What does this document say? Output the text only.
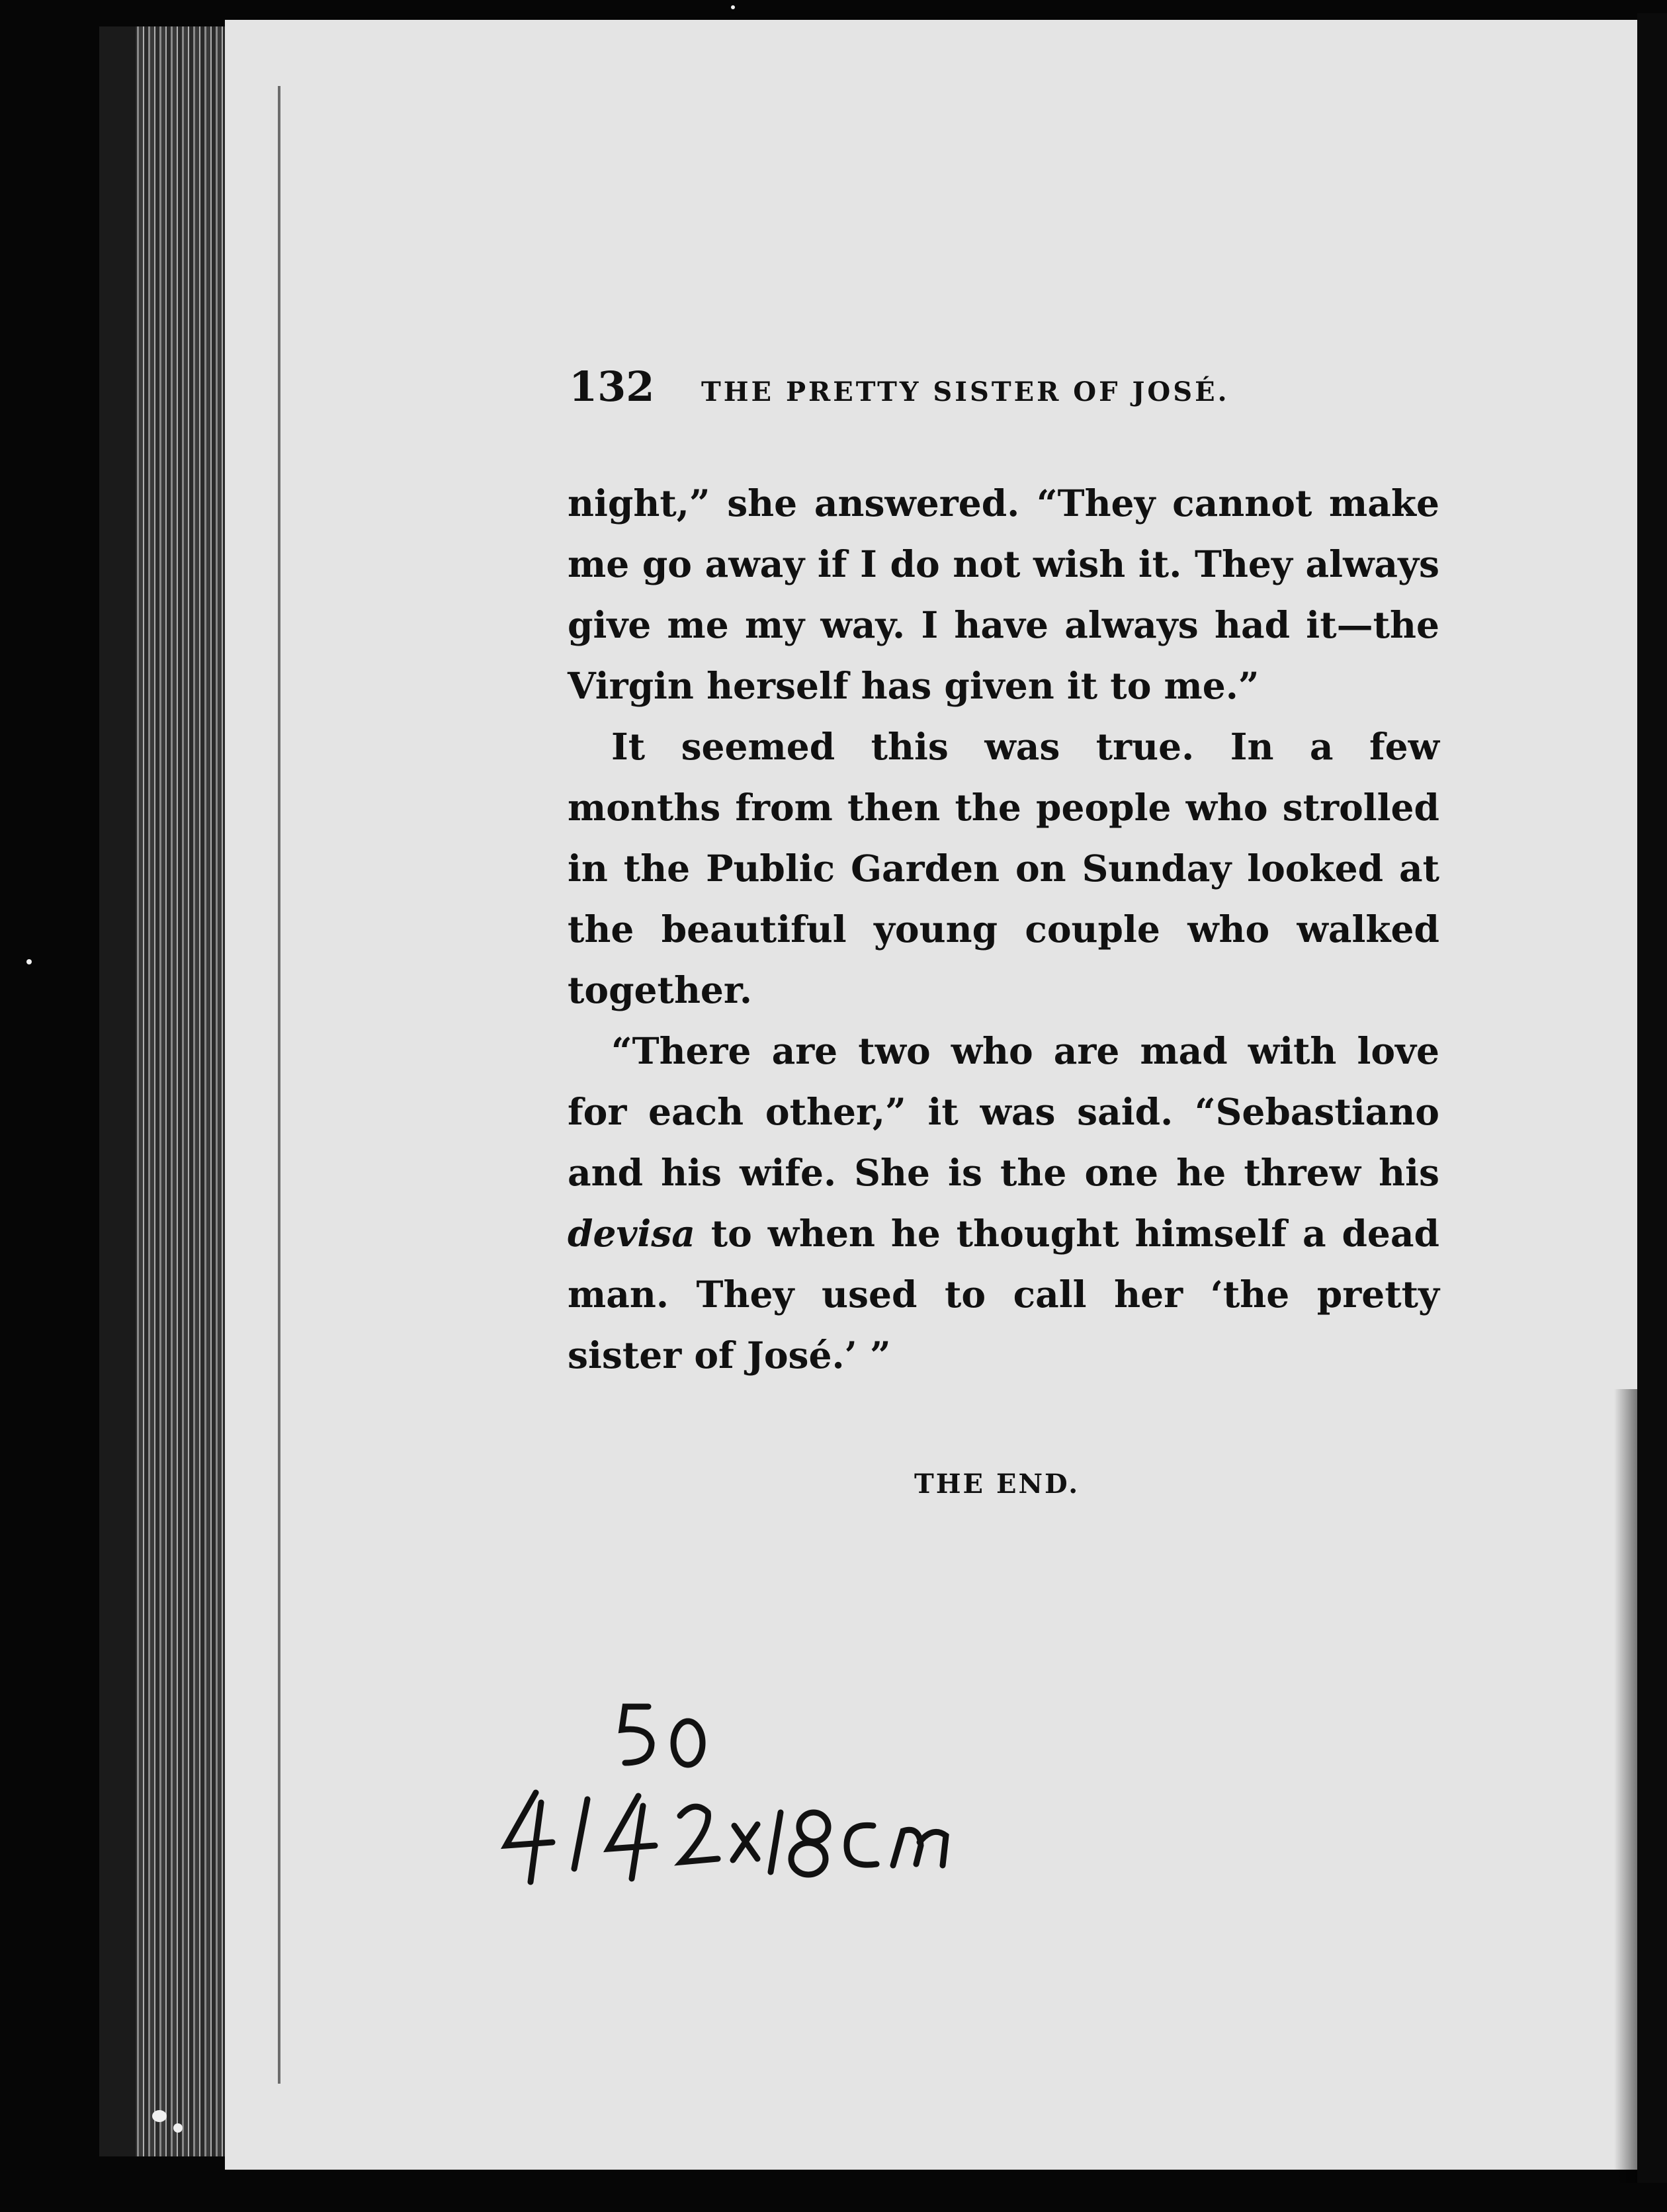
132	THE PRETTY SISTER OF JOSÉ.

night,” she answered. “They cannot make me go away if I do not wish it. They always give me my way. I have always had it—the Virgin herself has given it to me.”

It seemed this was true. In a few months from then the people who strolled in the Public Garden on Sunday looked at the beautiful young couple who walked together.

“There are two who are mad with love for each other,” it was said. “Sebastiano and his wife. She is the one he threw his devisa to when he thought himself a dead man. They used to call her ‘the pretty sister of José.’ ”

THE END.
